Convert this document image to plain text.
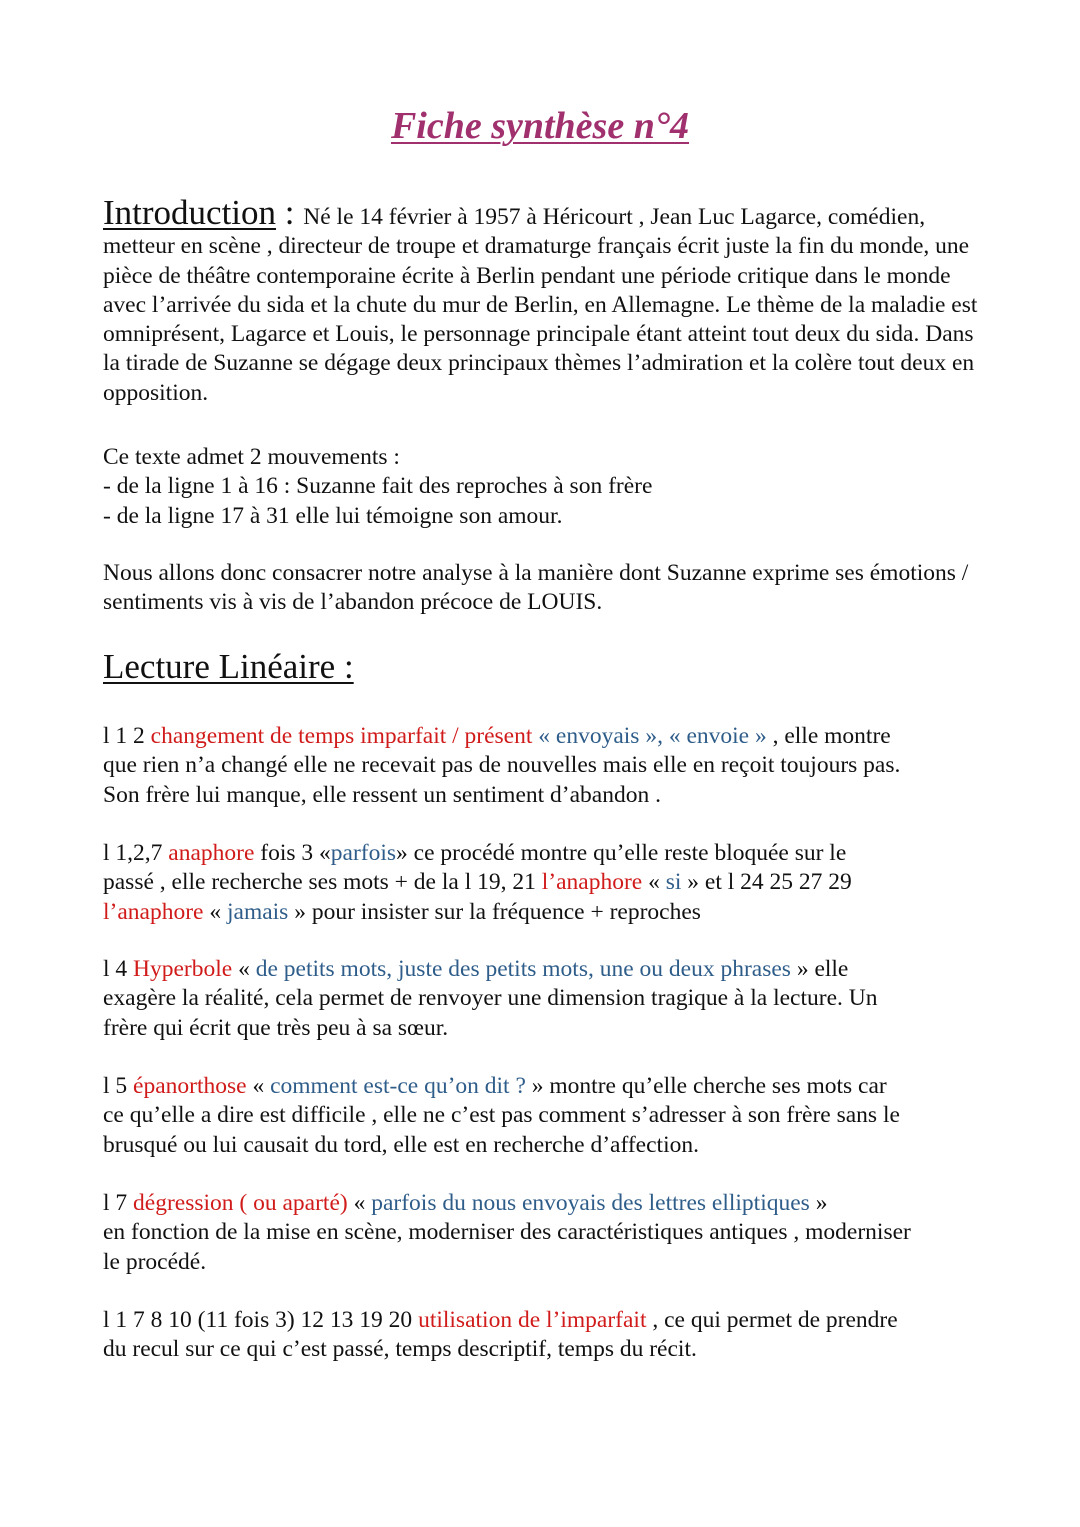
Fiche synthèse n°4

Introduction : Né le 14 février à 1957 à Héricourt , Jean Luc Lagarce, comédien, metteur en scène , directeur de troupe et dramaturge français écrit juste la fin du monde, une pièce de théâtre contemporaine écrite à Berlin pendant une période critique dans le monde avec l’arrivée du sida et la chute du mur de Berlin, en Allemagne. Le thème de la maladie est omniprésent, Lagarce et Louis, le personnage principale étant atteint tout deux du sida. Dans la tirade de Suzanne se dégage deux principaux thèmes l’admiration et la colère tout deux en opposition.

Ce texte admet 2 mouvements :
- de la ligne 1 à 16 : Suzanne fait des reproches à son frère
- de la ligne 17 à 31 elle lui témoigne son amour.

Nous allons donc consacrer notre analyse à la manière dont Suzanne exprime ses émotions / sentiments vis à vis de l’abandon précoce de LOUIS.

Lecture Linéaire :

l 1 2 changement de temps imparfait / présent « envoyais », « envoie » , elle montre
que rien n’a changé elle ne recevait pas de nouvelles mais elle en reçoit toujours pas.
Son frère lui manque, elle ressent un sentiment d’abandon .

l 1,2,7 anaphore fois 3 «parfois» ce procédé montre qu’elle reste bloquée sur le
passé , elle recherche ses mots + de la l 19, 21 l’anaphore « si » et l 24 25 27 29
l’anaphore « jamais » pour insister sur la fréquence + reproches

l 4 Hyperbole « de petits mots, juste des petits mots, une ou deux phrases » elle
exagère la réalité, cela permet de renvoyer une dimension tragique à la lecture. Un
frère qui écrit que très peu à sa sœur.

l 5 épanorthose « comment est-ce qu’on dit ? » montre qu’elle cherche ses mots car
ce qu’elle a dire est difficile , elle ne c’est pas comment s’adresser à son frère sans le
brusqué ou lui causait du tord, elle est en recherche d’affection.

l 7 dégression ( ou aparté) « parfois du nous envoyais des lettres elliptiques »
en fonction de la mise en scène, moderniser des caractéristiques antiques , moderniser
le procédé.

l 1 7 8 10 (11 fois 3) 12 13 19 20 utilisation de l’imparfait , ce qui permet de prendre
du recul sur ce qui c’est passé, temps descriptif, temps du récit.
